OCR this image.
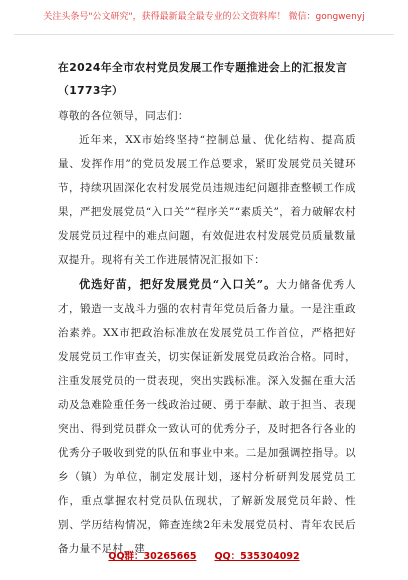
关注头条号"公文研究"，获得最新最全最专业的公文资料库！ 微信：gongwenyj

在2024年全市农村党员发展工作专题推进会上的汇报发言

（1773字）

尊敬的各位领导，同志们：

近年来，XX市始终坚持“控制总量、优化结构、提高质量、发挥作用”的党员发展工作总要求，紧盯发展党员关键环节，持续巩固深化农村发展党员违规违纪问题排查整顿工作成果，严把发展党员“入口关”“程序关”“素质关”，着力破解农村发展党员过程中的难点问题，有效促进农村发展党员质量数量双提升。现将有关工作进展情况汇报如下：

优选好苗，把好发展党员“入口关”。大力储备优秀人才，锻造一支战斗力强的农村青年党员后备力量。一是注重政治素养。XX市把政治标准放在发展党员工作首位，严格把好发展党员工作审查关，切实保证新发展党员政治合格。同时，注重发展党员的一贯表现，突出实践标准。深入发掘在重大活动及急难险重任务一线政治过硬、勇于奉献、敢于担当、表现突出、得到党员群众一致认可的优秀分子，及时把各行各业的优秀分子吸收到党的队伍和事业中来。二是加强调控指导。以乡（镇）为单位，制定发展计划，逐村分析研判发展党员工作，重点掌握农村党员队伍现状，了解新发展党员年龄、性别、学历结构情况，筛查连续2年未发展党员村、青年农民后备力量不足村，建

QQ群：30265665 QQ：535304092
